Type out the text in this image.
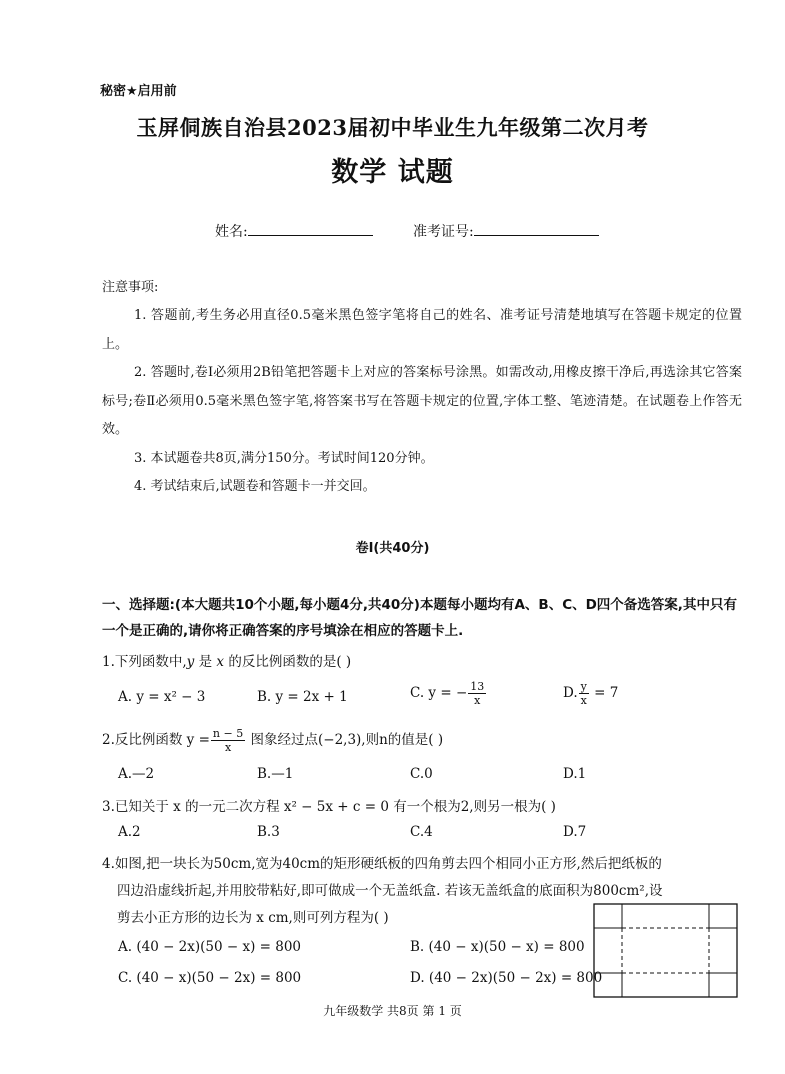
秘密★启用前
玉屏侗族自治县2023届初中毕业生九年级第二次月考
数学 试题
姓名:	准考证号:
注意事项:

1. 答题前,考生务必用直径0.5毫米黑色签字笔将自己的姓名、准考证号清楚地填写在答题卡规定的位置上。

2. 答题时,卷Ⅰ必须用2B铅笔把答题卡上对应的答案标号涂黑。如需改动,用橡皮擦干净后,再选涂其它答案标号;卷Ⅱ必须用0.5毫米黑色签字笔,将答案书写在答题卡规定的位置,字体工整、笔迹清楚。在试题卷上作答无效。

3. 本试题卷共8页,满分150分。考试时间120分钟。

4. 考试结束后,试题卷和答题卡一并交回。

卷Ⅰ(共40分)
一、选择题:(本大题共10个小题,每小题4分,共40分)本题每小题均有A、B、C、D四个备选答案,其中只有一个是正确的,请你将正确答案的序号填涂在相应的答题卡上.
1.下列函数中,y 是 x 的反比例函数的是( )
A. y = x² − 3	B. y = 2x + 1	C. y = − $\frac{13}{x}$	D. $\frac{y}{x} = 7$
2.反比例函数 $y = \frac{n - 5}{x}$ 图象经过点(−2,3),则n的值是( )
A.—2	B.—1	C.0	D.1
3.已知关于 x 的一元二次方程 x² − 5x + c = 0 有一个根为2,则另一根为( )
A.2	B.3	C.4	D.7
4.如图,把一块长为50cm,宽为40cm的矩形硬纸板的四角剪去四个相同小正方形,然后把纸板的
四边沿虚线折起,并用胶带粘好,即可做成一个无盖纸盒. 若该无盖纸盒的底面积为800cm²,设
剪去小正方形的边长为 x cm,则可列方程为( )
A. (40 − 2x)(50 − x) = 800	B. (40 − x)(50 − x) = 800
C. (40 − x)(50 − 2x) = 800	D. (40 − 2x)(50 − 2x) = 800
九年级数学 共8页 第 1 页
